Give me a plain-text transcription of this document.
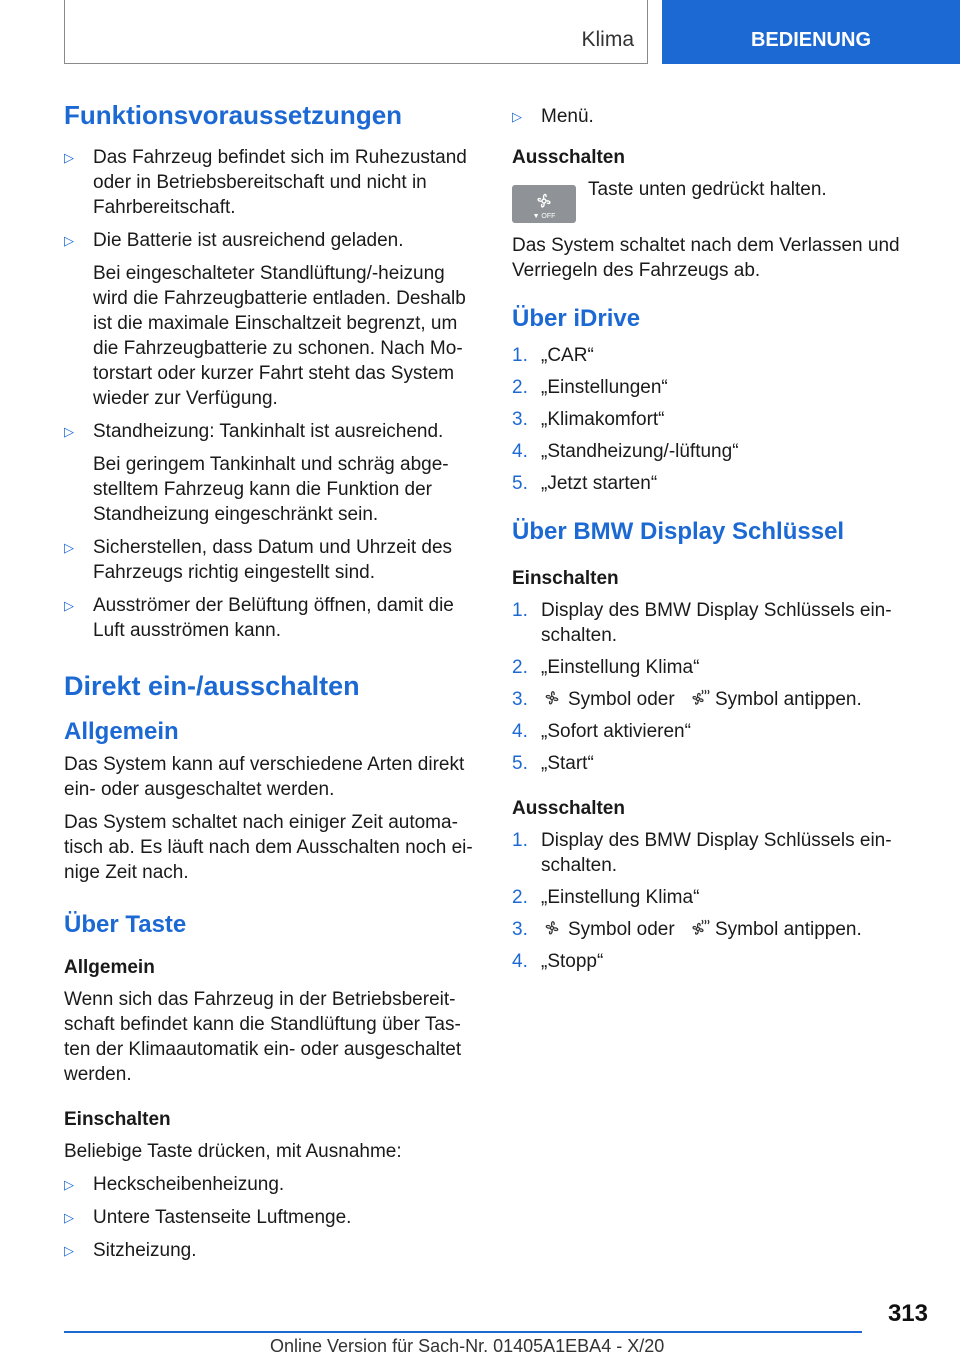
Klima	BEDIENUNG
Funktionsvoraussetzungen
▷	Das Fahrzeug befindet sich im Ruhezustand oder in Betriebsbereitschaft und nicht in Fahrbereitschaft.
▷	Die Batterie ist ausreichend geladen.

Bei eingeschalteter Standlüftung/-heizung wird die Fahrzeugbatterie entladen. Deshalb ist die maximale Einschaltzeit begrenzt, um die Fahrzeugbatterie zu schonen. Nach Motorstart oder kurzer Fahrt steht das System wieder zur Verfügung.

▷	Standheizung: Tankinhalt ist ausreichend.

Bei geringem Tankinhalt und schräg abgestelltem Fahrzeug kann die Funktion der Standheizung eingeschränkt sein.

▷	Sicherstellen, dass Datum und Uhrzeit des Fahrzeugs richtig eingestellt sind.
▷	Ausströmer der Belüftung öffnen, damit die Luft ausströmen kann.
Direkt ein-/ausschalten
Allgemein

Das System kann auf verschiedene Arten direkt ein- oder ausgeschaltet werden.

Das System schaltet nach einiger Zeit automatisch ab. Es läuft nach dem Ausschalten noch einige Zeit nach.

Über Taste
Allgemein

Wenn sich das Fahrzeug in der Betriebsbereitschaft befindet kann die Standlüftung über Tasten der Klimaautomatik ein- oder ausgeschaltet werden.

Einschalten

Beliebige Taste drücken, mit Ausnahme:

▷	Heckscheibenheizung.
▷	Untere Tastenseite Luftmenge.
▷	Sitzheizung.
▷	Menü.
Ausschalten
▼ OFF

Taste unten gedrückt halten.

Das System schaltet nach dem Verlassen und Verriegeln des Fahrzeugs ab.

Über iDrive
1. „CAR“
2. „Einstellungen“
3. „Klimakomfort“
4. „Standheizung/-lüftung“
5. „Jetzt starten“
Über BMW Display Schlüssel
Einschalten
1. Display des BMW Display Schlüssels einschalten.
2. „Einstellung Klima“
3.	Symbol oder Symbol antippen.
4. „Sofort aktivieren“
5. „Start“
Ausschalten
1. Display des BMW Display Schlüssels einschalten.
2. „Einstellung Klima“
3.	Symbol oder Symbol antippen.
4. „Stopp“
313
Online Version für Sach-Nr. 01405A1EBA4 - X/20
